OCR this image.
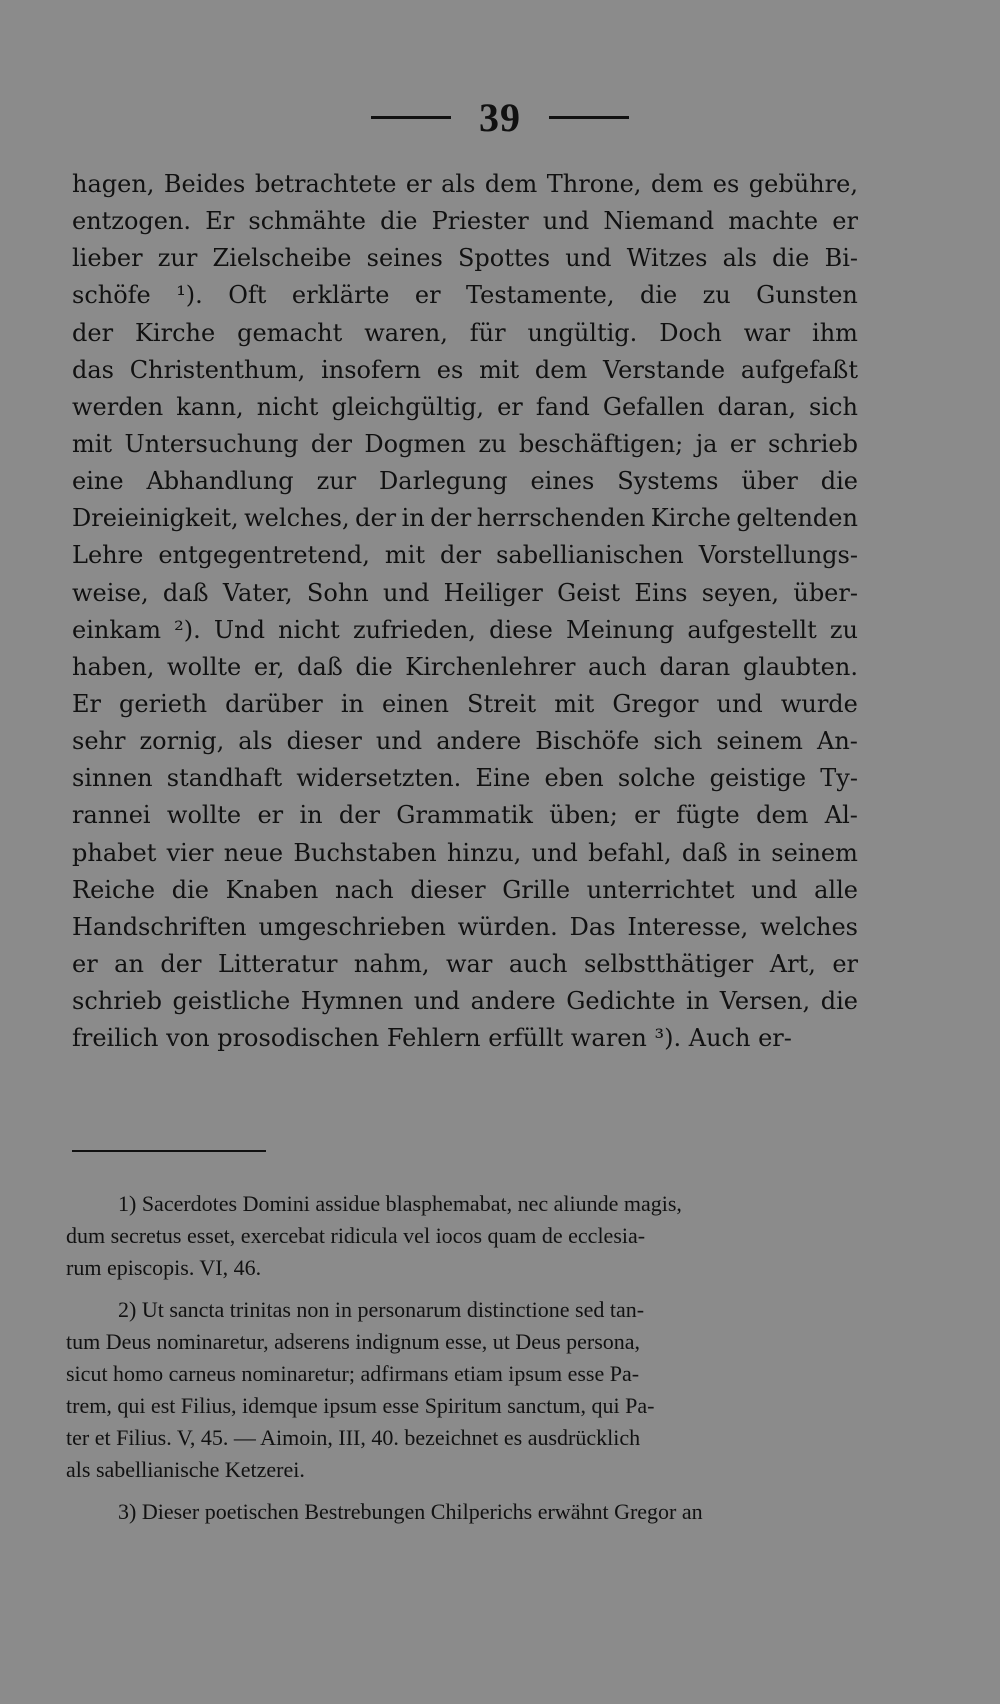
39
hagen, Beides betrachtete er als dem Throne, dem es gebühre,
entzogen. Er schmähte die Priester und Niemand machte er
lieber zur Zielscheibe seines Spottes und Witzes als die Bi-
schöfe ¹). Oft erklärte er Testamente, die zu Gunsten
der Kirche gemacht waren, für ungültig. Doch war ihm
das Christenthum, insofern es mit dem Verstande aufgefaßt
werden kann, nicht gleichgültig, er fand Gefallen daran, sich
mit Untersuchung der Dogmen zu beschäftigen; ja er schrieb
eine Abhandlung zur Darlegung eines Systems über die
Dreieinigkeit, welches, der in der herrschenden Kirche geltenden
Lehre entgegentretend, mit der sabellianischen Vorstellungs-
weise, daß Vater, Sohn und Heiliger Geist Eins seyen, über-
einkam ²). Und nicht zufrieden, diese Meinung aufgestellt zu
haben, wollte er, daß die Kirchenlehrer auch daran glaubten.
Er gerieth darüber in einen Streit mit Gregor und wurde
sehr zornig, als dieser und andere Bischöfe sich seinem An-
sinnen standhaft widersetzten. Eine eben solche geistige Ty-
rannei wollte er in der Grammatik üben; er fügte dem Al-
phabet vier neue Buchstaben hinzu, und befahl, daß in seinem
Reiche die Knaben nach dieser Grille unterrichtet und alle
Handschriften umgeschrieben würden. Das Interesse, welches
er an der Litteratur nahm, war auch selbstthätiger Art, er
schrieb geistliche Hymnen und andere Gedichte in Versen, die
freilich von prosodischen Fehlern erfüllt waren ³). Auch er-
1) Sacerdotes Domini assidue blasphemabat, nec aliunde magis,
dum secretus esset, exercebat ridicula vel iocos quam de ecclesia-
rum episcopis. VI, 46.
2) Ut sancta trinitas non in personarum distinctione sed tan-
tum Deus nominaretur, adserens indignum esse, ut Deus persona,
sicut homo carneus nominaretur; adfirmans etiam ipsum esse Pa-
trem, qui est Filius, idemque ipsum esse Spiritum sanctum, qui Pa-
ter et Filius. V, 45. — Aimoin, III, 40. bezeichnet es ausdrücklich
als sabellianische Ketzerei.
3) Dieser poetischen Bestrebungen Chilperichs erwähnt Gregor an
